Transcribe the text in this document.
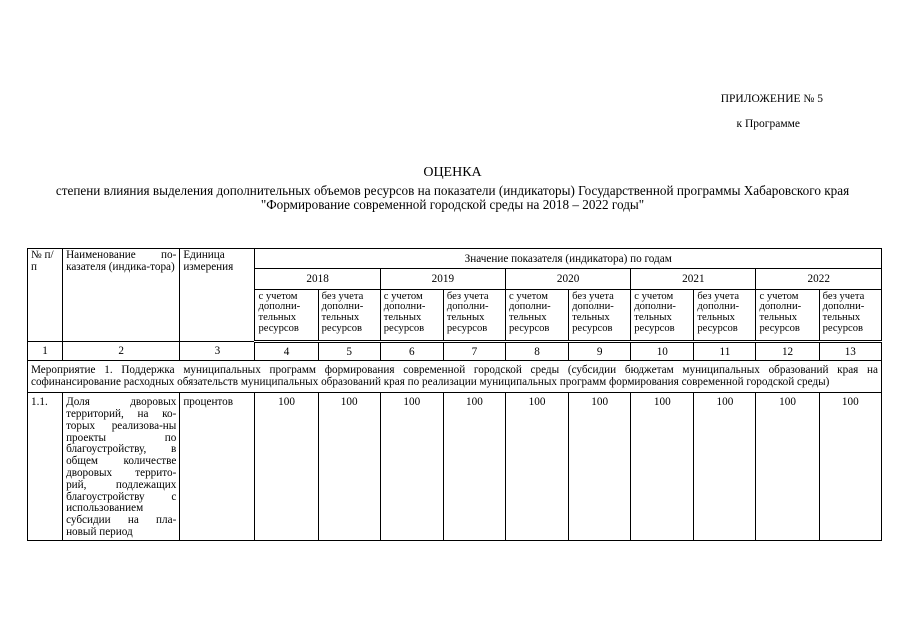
ПРИЛОЖЕНИЕ № 5
к Программе
ОЦЕНКА
степени влияния выделения дополнительных объемов ресурсов на показатели (индикаторы) Государственной программы Хабаровского края "Формирование современной городской среды на 2018 – 2022 годы"
№ п/п	Наименование по-казателя (индика-тора)	Единица измерения	Значение показателя (индикатора) по годам									
			2018		2019		2020		2021		2022	
			с учетом дополни-тельных ресурсов	без учета дополни-тельных ресурсов	с учетом дополни-тельных ресурсов	без учета дополни-тельных ресурсов	с учетом дополни-тельных ресурсов	без учета дополни-тельных ресурсов	с учетом дополни-тельных ресурсов	без учета дополни-тельных ресурсов	с учетом дополни-тельных ресурсов	без учета дополни-тельных ресурсов
1	2	3	4	5	6	7	8	9	10	11	12	13
Мероприятие 1. Поддержка муниципальных программ формирования современной городской среды (субсидии бюджетам муниципальных образований края на софинансирование расходных обязательств муниципальных образований края по реализации муниципальных программ формирования современной городской среды)												
1.1.	Доля дворовых территорий, на ко-торых реализова-ны проекты по благоустройству, в общем количестве дворовых террито-рий, подлежащих благоустройству с использованием субсидии на пла-новый период	процентов	100	100	100	100	100	100	100	100	100	100
